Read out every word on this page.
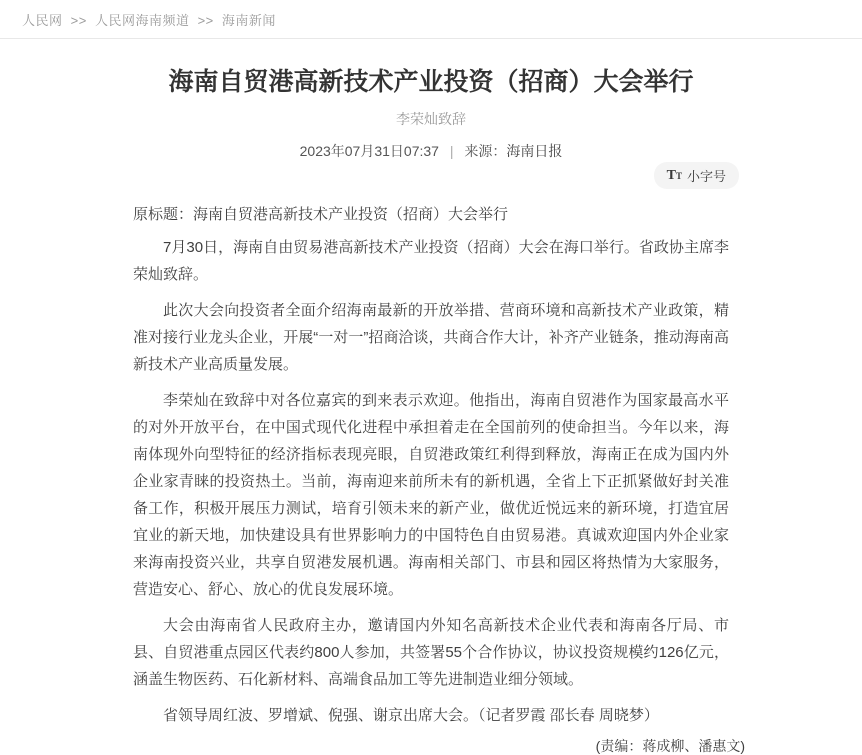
人民网 >> 人民网海南频道 >> 海南新闻
海南自贸港高新技术产业投资（招商）大会举行
李荣灿致辞
2023年07月31日07:37 | 来源：海南日报
TT 小字号
原标题：海南自贸港高新技术产业投资（招商）大会举行

7月30日，海南自由贸易港高新技术产业投资（招商）大会在海口举行。省政协主席李荣灿致辞。

此次大会向投资者全面介绍海南最新的开放举措、营商环境和高新技术产业政策，精准对接行业龙头企业，开展“一对一”招商洽谈，共商合作大计，补齐产业链条，推动海南高新技术产业高质量发展。

李荣灿在致辞中对各位嘉宾的到来表示欢迎。他指出，海南自贸港作为国家最高水平的对外开放平台，在中国式现代化进程中承担着走在全国前列的使命担当。今年以来，海南体现外向型特征的经济指标表现亮眼，自贸港政策红利得到释放，海南正在成为国内外企业家青睐的投资热土。当前，海南迎来前所未有的新机遇，全省上下正抓紧做好封关准备工作，积极开展压力测试，培育引领未来的新产业，做优近悦远来的新环境，打造宜居宜业的新天地，加快建设具有世界影响力的中国特色自由贸易港。真诚欢迎国内外企业家来海南投资兴业，共享自贸港发展机遇。海南相关部门、市县和园区将热情为大家服务，营造安心、舒心、放心的优良发展环境。

大会由海南省人民政府主办，邀请国内外知名高新技术企业代表和海南各厅局、市县、自贸港重点园区代表约800人参加，共签署55个合作协议，协议投资规模约126亿元，涵盖生物医药、石化新材料、高端食品加工等先进制造业细分领域。

省领导周红波、罗增斌、倪强、谢京出席大会。（记者罗霞 邵长春 周晓梦）

(责编：蒋成柳、潘惠文)
